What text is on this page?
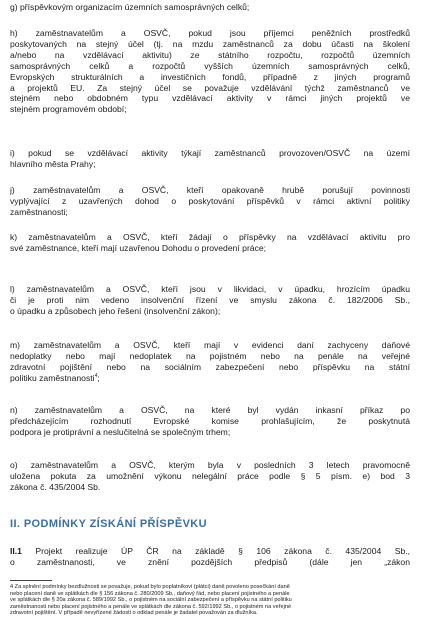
g) příspěvkovým organizacím územních samosprávných celků;

h) zaměstnavatelům a OSVČ, pokud jsou příjemci peněžních prostředků
poskytovaných na stejný účel (tj. na mzdu zaměstnanců za dobu účasti na školení
a/nebo na vzdělávací aktivitu) ze státního rozpočtu, rozpočtů územních
samosprávných celků a rozpočtů vyšších územních samosprávných celků,
Evropských strukturálních a investičních fondů, případně z jiných programů
a projektů EU. Za stejný účel se považuje vzdělávání týchž zaměstnanců ve
stejném nebo obdobném typu vzdělávací aktivity v rámci jiných projektů ve
stejném programovém období;

i) pokud se vzdělávací aktivity týkají zaměstnanců provozoven/OSVČ na území
hlavního města Prahy;

j) zaměstnavatelům a OSVČ, kteří opakovaně hrubě porušují povinnosti
vyplývající z uzavřených dohod o poskytování příspěvků v rámci aktivní politiky
zaměstnanosti;

k) zaměstnavatelům a OSVČ, kteří žádají o příspěvky na vzdělávací aktivitu pro
své zaměstnance, kteří mají uzavřenou Dohodu o provedení práce;

l) zaměstnavatelům a OSVČ, kteří jsou v likvidaci, v úpadku, hrozícím úpadku
či je proti nim vedeno insolvenční řízení ve smyslu zákona č. 182/2006 Sb.,
o úpadku a způsobech jeho řešení (insolvenční zákon);

m) zaměstnavatelům a OSVČ, kteří mají v evidenci daní zachyceny daňové
nedoplatky nebo mají nedoplatek na pojistném nebo na penále na veřejné
zdravotní pojištění nebo na sociálním zabezpečení nebo příspěvku na státní
politiku zaměstnanosti$^4$;

n) zaměstnavatelům a OSVČ, na které byl vydán inkasní příkaz po
předcházejícím rozhodnutí Evropské komise prohlašujícím, že poskytnutá
podpora je protiprávní a neslučitelná se společným trhem;

o) zaměstnavatelům a OSVČ, kterým byla v posledních 3 letech pravomocně
uložena pokuta za umožnění výkonu nelegální práce podle § 5 písm. e) bod 3
zákona č. 435/2004 Sb.

II. PODMÍNKY ZÍSKÁNÍ PŘÍSPĚVKU

II.1 Projekt realizuje ÚP ČR na základě § 106 zákona č. 435/2004 Sb.,
o zaměstnanosti, ve znění pozdějších předpisů (dále jen „zákon

4 Za splnění podmínky bezdlužnosti se považuje, pokud bylo poplatníkovi (plátci) daně povoleno posečkání daně
nebo placení daně ve splátkách dle § 156 zákona č. 280/2009 Sb., daňový řád, nebo placení pojistného a penále
ve splátkách dle § 20a zákona č. 589/1992 Sb., o pojistném na sociální zabezpečení a příspěvku na státní politiku
zaměstnanosti nebo placení pojistného a penále ve splátkách dle zákona č. 592/1992 Sb., o pojistném na veřejné
zdravotní pojištění. V případě nevyřízené žádosti o odklad penále je žadatel považován za dlužníka.
